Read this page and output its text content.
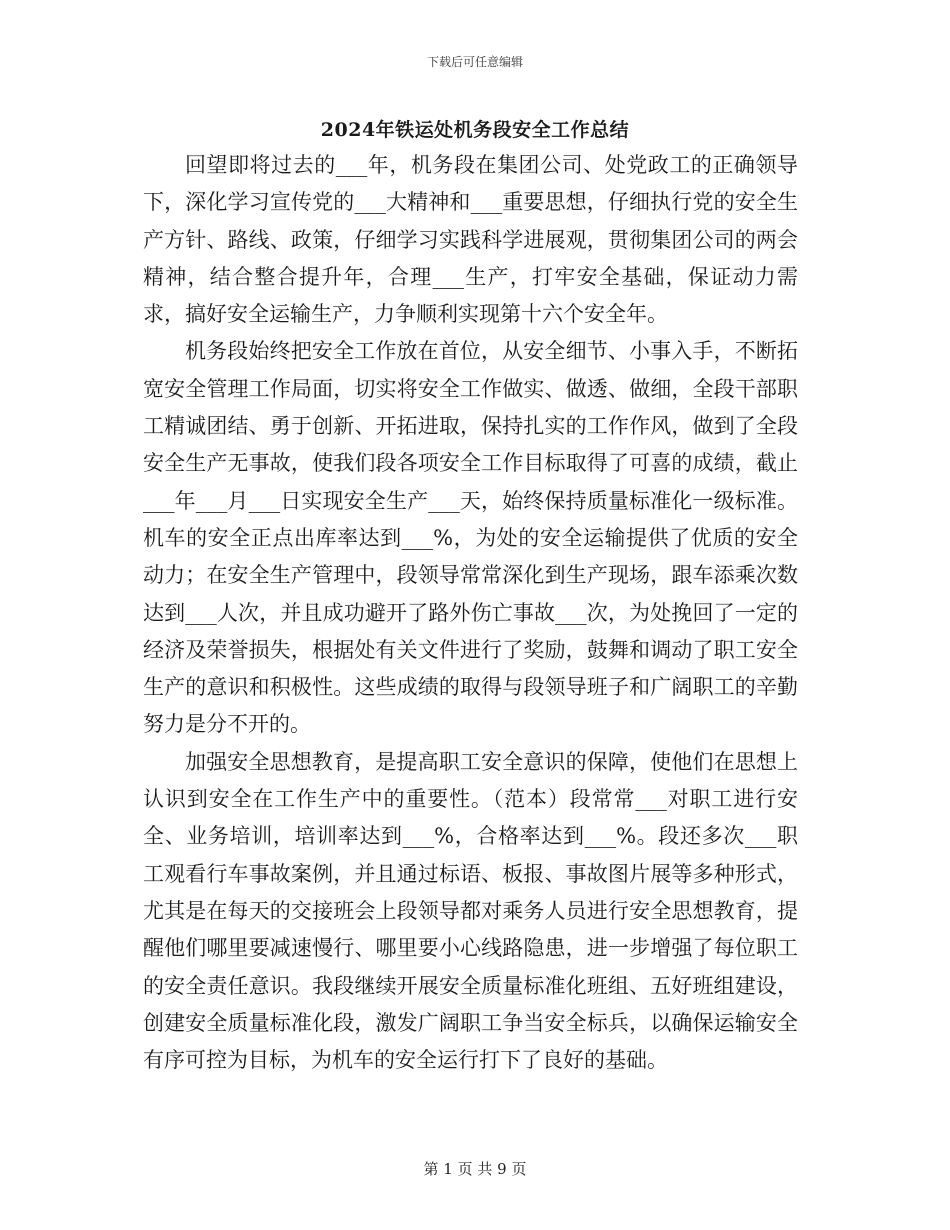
下载后可任意编辑
2024年铁运处机务段安全工作总结

回望即将过去的___年，机务段在集团公司、处党政工的正确领导下，深化学习宣传党的___大精神和___重要思想，仔细执行党的安全生产方针、路线、政策，仔细学习实践科学进展观，贯彻集团公司的两会精神，结合整合提升年，合理___生产，打牢安全基础，保证动力需求，搞好安全运输生产，力争顺利实现第十六个安全年。

机务段始终把安全工作放在首位，从安全细节、小事入手，不断拓宽安全管理工作局面，切实将安全工作做实、做透、做细，全段干部职工精诚团结、勇于创新、开拓进取，保持扎实的工作作风，做到了全段安全生产无事故，使我们段各项安全工作目标取得了可喜的成绩，截止___年___月___日实现安全生产___天，始终保持质量标准化一级标准。机车的安全正点出库率达到___%，为处的安全运输提供了优质的安全动力；在安全生产管理中，段领导常常深化到生产现场，跟车添乘次数达到___人次，并且成功避开了路外伤亡事故___次，为处挽回了一定的经济及荣誉损失，根据处有关文件进行了奖励，鼓舞和调动了职工安全生产的意识和积极性。这些成绩的取得与段领导班子和广阔职工的辛勤努力是分不开的。

加强安全思想教育，是提高职工安全意识的保障，使他们在思想上认识到安全在工作生产中的重要性。（范本）段常常___对职工进行安全、业务培训，培训率达到___%，合格率达到___%。段还多次___职工观看行车事故案例，并且通过标语、板报、事故图片展等多种形式，尤其是在每天的交接班会上段领导都对乘务人员进行安全思想教育，提醒他们哪里要减速慢行、哪里要小心线路隐患，进一步增强了每位职工的安全责任意识。我段继续开展安全质量标准化班组、五好班组建设，创建安全质量标准化段，激发广阔职工争当安全标兵，以确保运输安全有序可控为目标，为机车的安全运行打下了良好的基础。

第 1 页 共 9 页
